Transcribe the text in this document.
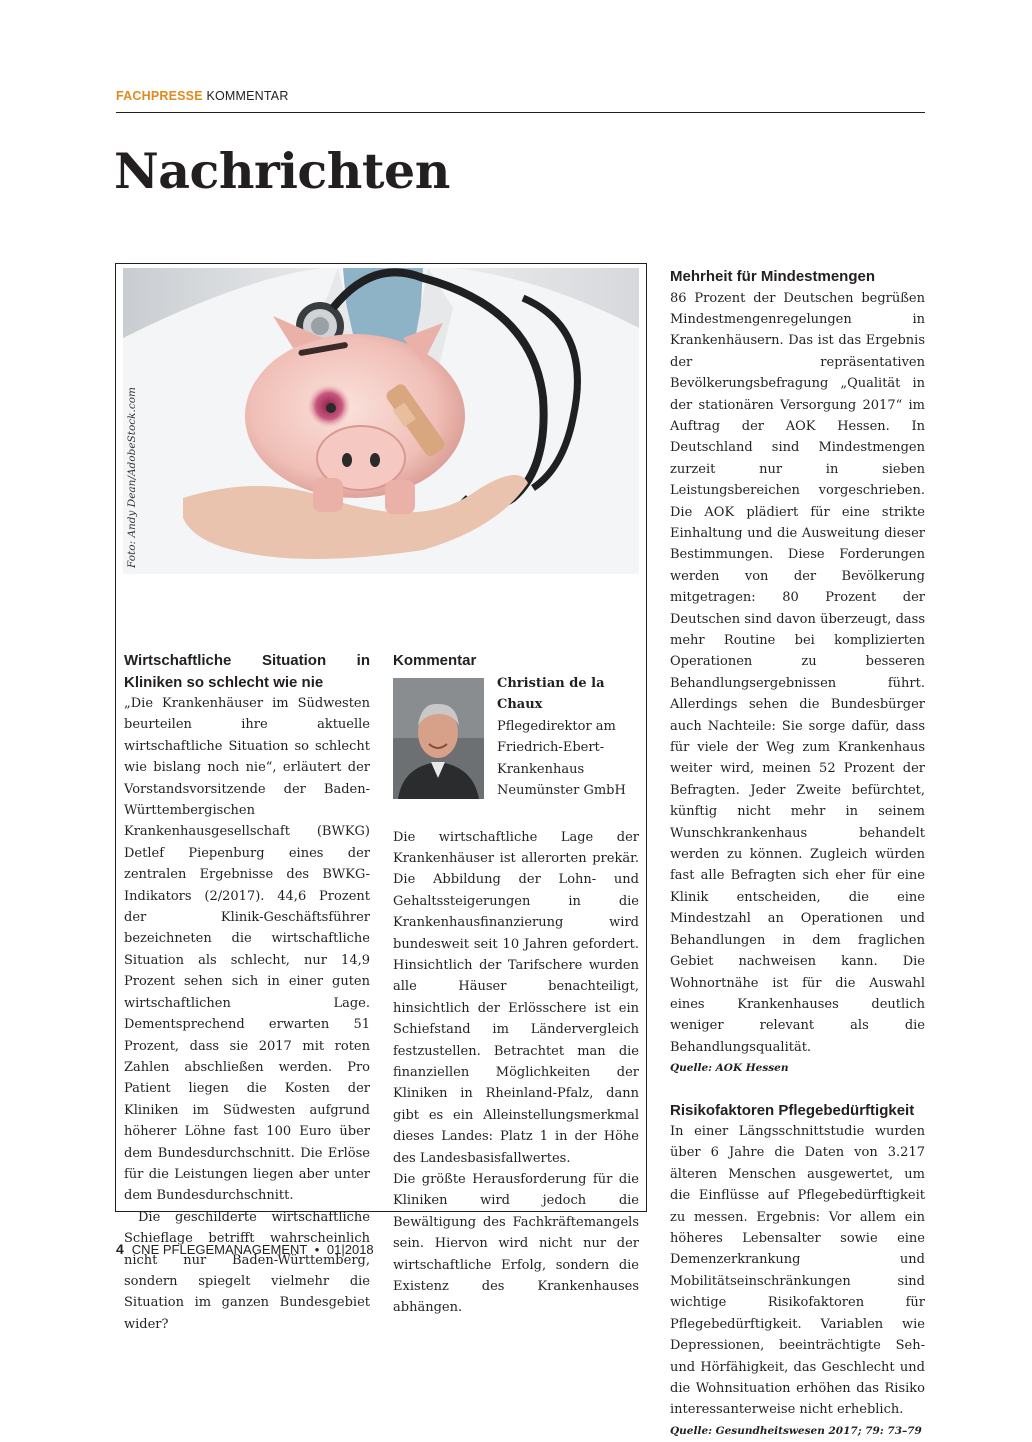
FACHPRESSE KOMMENTAR
Nachrichten
Foto: Andy Dean/AdobeStock.com
Wirtschaftliche Situation in Kliniken so schlecht wie nie

„Die Krankenhäuser im Südwesten beurteilen ihre aktuelle wirtschaftliche Situation so schlecht wie bislang noch nie“, erläutert der Vorstandsvorsitzende der Baden-Württembergischen Krankenhausgesellschaft (BWKG) Detlef Piepenburg eines der zentralen Ergebnisse des BWKG-Indikators (2/2017). 44,6 Prozent der Klinik-Geschäftsführer bezeichneten die wirtschaftliche Situation als schlecht, nur 14,9 Prozent sehen sich in einer guten wirtschaftlichen Lage. Dementsprechend erwarten 51 Prozent, dass sie 2017 mit roten Zahlen abschließen werden. Pro Patient liegen die Kosten der Kliniken im Südwesten aufgrund höherer Löhne fast 100 Euro über dem Bundesdurchschnitt. Die Erlöse für die Leistungen liegen aber unter dem Bundesdurchschnitt.

Die geschilderte wirtschaftliche Schieflage betrifft wahrscheinlich nicht nur Baden-Württemberg, sondern spiegelt vielmehr die Situation im ganzen Bundesgebiet wider?

Kommentar

Die wirtschaftliche Lage der Krankenhäuser ist allerorten prekär. Die Abbildung der Lohn- und Gehaltssteigerungen in die Krankenhausfinanzierung wird bundesweit seit 10 Jahren gefordert. Hinsichtlich der Tarifschere wurden alle Häuser benachteiligt, hinsichtlich der Erlösschere ist ein Schiefstand im Ländervergleich festzustellen. Betrachtet man die finanziellen Möglichkeiten der Kliniken in Rheinland-Pfalz, dann gibt es ein Alleinstellungsmerkmal dieses Landes: Platz 1 in der Höhe des Landesbasisfallwertes.

Die größte Herausforderung für die Kliniken wird jedoch die Bewältigung des Fachkräftemangels sein. Hiervon wird nicht nur der wirtschaftliche Erfolg, sondern die Existenz des Krankenhauses abhängen.

Christian de la Chaux
Pflegedirektor am Friedrich-Ebert-Krankenhaus Neumünster GmbH
Mehrheit für Mindestmengen

86 Prozent der Deutschen begrüßen Mindestmengenregelungen in Krankenhäusern. Das ist das Ergebnis der repräsentativen Bevölkerungsbefragung „Qualität in der stationären Versorgung 2017“ im Auftrag der AOK Hessen. In Deutschland sind Mindestmengen zurzeit nur in sieben Leistungsbereichen vorgeschrieben. Die AOK plädiert für eine strikte Einhaltung und die Ausweitung dieser Bestimmungen. Diese Forderungen werden von der Bevölkerung mitgetragen: 80 Prozent der Deutschen sind davon überzeugt, dass mehr Routine bei komplizierten Operationen zu besseren Behandlungsergebnissen führt. Allerdings sehen die Bundesbürger auch Nachteile: Sie sorge dafür, dass für viele der Weg zum Krankenhaus weiter wird, meinen 52 Prozent der Befragten. Jeder Zweite befürchtet, künftig nicht mehr in seinem Wunschkrankenhaus behandelt werden zu können. Zugleich würden fast alle Befragten sich eher für eine Klinik entscheiden, die eine Mindestzahl an Operationen und Behandlungen in dem fraglichen Gebiet nachweisen kann. Die Wohnortnähe ist für die Auswahl eines Krankenhauses deutlich weniger relevant als die Behandlungsqualität.

Quelle: AOK Hessen
Risikofaktoren Pflegebedürftigkeit

In einer Längsschnittstudie wurden über 6 Jahre die Daten von 3.217 älteren Menschen ausgewertet, um die Einflüsse auf Pflegebedürftigkeit zu messen. Ergebnis: Vor allem ein höheres Lebensalter sowie eine Demenzerkrankung und Mobilitätseinschränkungen sind wichtige Risikofaktoren für Pflegebedürftigkeit. Variablen wie Depressionen, beeinträchtigte Seh- und Hörfähigkeit, das Geschlecht und die Wohnsituation erhöhen das Risiko interessanterweise nicht erheblich.

Quelle: Gesundheitswesen 2017; 79: 73–79
4 CNE PFLEGEMANAGEMENT • 01|2018
